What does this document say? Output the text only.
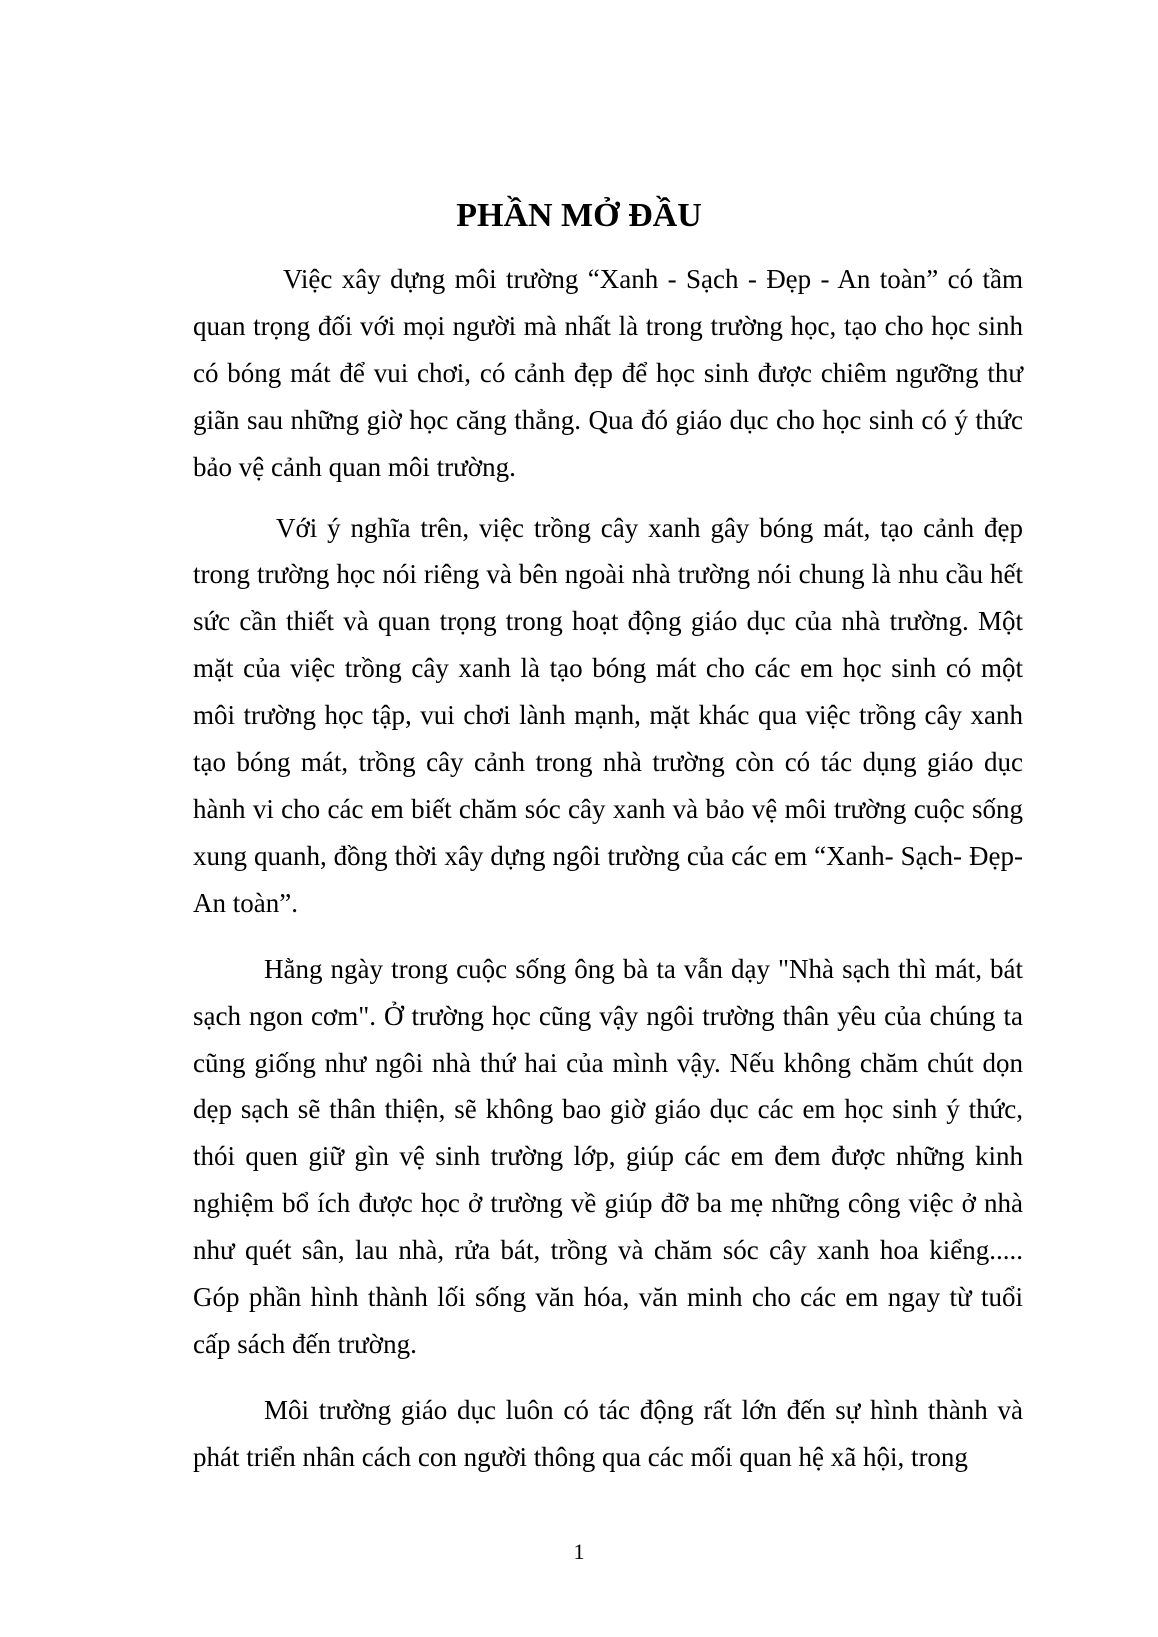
PHẦN MỞ ĐẦU

Việc xây dựng môi trường “Xanh - Sạch - Đẹp - An toàn” có tầm quan trọng đối với mọi người mà nhất là trong trường học, tạo cho học sinh có bóng mát để vui chơi, có cảnh đẹp để học sinh được chiêm ngưỡng thư giãn sau những giờ học căng thẳng. Qua đó giáo dục cho học sinh có ý thức bảo vệ cảnh quan môi trường.

Với ý nghĩa trên, việc trồng cây xanh gây bóng mát, tạo cảnh đẹp trong trường học nói riêng và bên ngoài nhà trường nói chung là nhu cầu hết sức cần thiết và quan trọng trong hoạt động giáo dục của nhà trường. Một mặt của việc trồng cây xanh là tạo bóng mát cho các em học sinh có một môi trường học tập, vui chơi lành mạnh, mặt khác qua việc trồng cây xanh tạo bóng mát, trồng cây cảnh trong nhà trường còn có tác dụng giáo dục hành vi cho các em biết chăm sóc cây xanh và bảo vệ môi trường cuộc sống xung quanh, đồng thời xây dựng ngôi trường của các em “Xanh- Sạch- Đẹp- An toàn”.

Hằng ngày trong cuộc sống ông bà ta vẫn dạy "Nhà sạch thì mát, bát sạch ngon cơm". Ở trường học cũng vậy ngôi trường thân yêu của chúng ta cũng giống như ngôi nhà thứ hai của mình vậy. Nếu không chăm chút dọn dẹp sạch sẽ thân thiện, sẽ không bao giờ giáo dục các em học sinh ý thức, thói quen giữ gìn vệ sinh trường lớp, giúp các em đem được những kinh nghiệm bổ ích được học ở trường về giúp đỡ ba mẹ những công việc ở nhà như quét sân, lau nhà, rửa bát, trồng và chăm sóc cây xanh hoa kiểng..... Góp phần hình thành lối sống văn hóa, văn minh cho các em ngay từ tuổi cấp sách đến trường.

Môi trường giáo dục luôn có tác động rất lớn đến sự hình thành và phát triển nhân cách con người thông qua các mối quan hệ xã hội, trong

1
